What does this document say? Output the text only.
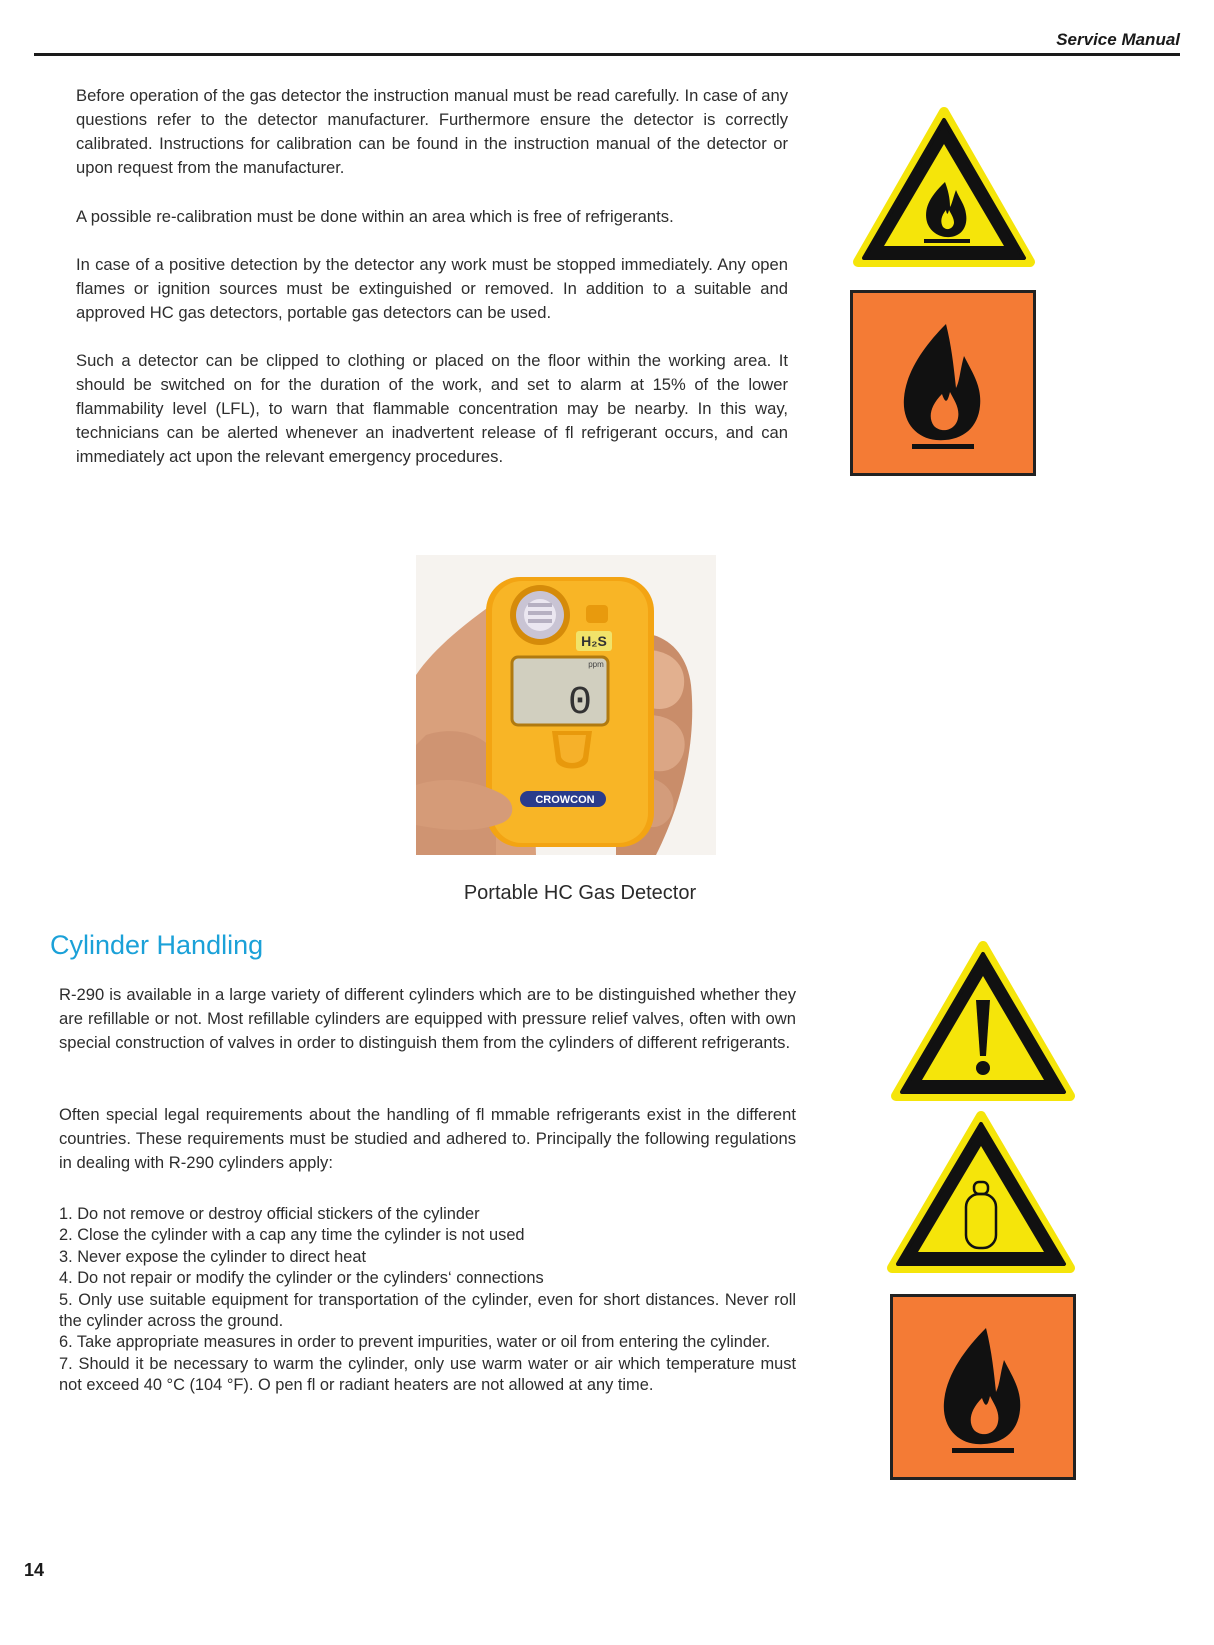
Service Manual

Before operation of the gas detector the instruction manual must be read carefully. In case of any questions refer to the detector manufacturer. Furthermore ensure the detector is correctly calibrated. Instructions for calibration can be found in the instruction manual of the detector or upon request from the manufacturer.

A possible re-calibration must be done within an area which is free of refrigerants.

In case of a positive detection by the detector any work must be stopped immediately. Any open flames or ignition sources must be extinguished or removed. In addition to a suitable and approved HC gas detectors, portable gas detectors can be used.

Such a detector can be clipped to clothing or placed on the floor within the working area. It should be switched on for the duration of the work, and set to alarm at 15% of the lower flammability level (LFL), to warn that flammable concentration may be nearby. In this way, technicians can be alerted whenever an inadvertent release of fl refrigerant occurs, and can immediately act upon the relevant emergency procedures.

H₂S
0
ppm
CROWCON
Portable HC Gas Detector
Cylinder Handling

R-290 is available in a large variety of different cylinders which are to be distinguished whether they are refillable or not. Most refillable cylinders are equipped with pressure relief valves, often with own special construction of valves in order to distinguish them from the cylinders of different refrigerants.

Often special legal requirements about the handling of fl mmable refrigerants exist in the different countries. These requirements must be studied and adhered to. Principally the following regulations in dealing with R-290 cylinders apply:

1. Do not remove or destroy official stickers of the cylinder
2. Close the cylinder with a cap any time the cylinder is not used
3. Never expose the cylinder to direct heat
4. Do not repair or modify the cylinder or the cylinders‘ connections
5. Only use suitable equipment for transportation of the cylinder, even for short distances. Never roll the cylinder across the ground.
6. Take appropriate measures in order to prevent impurities, water or oil from entering the cylinder.
7. Should it be necessary to warm the cylinder, only use warm water or air which temperature must not exceed 40 °C (104 °F). O pen fl or radiant heaters are not allowed at any time.
14
